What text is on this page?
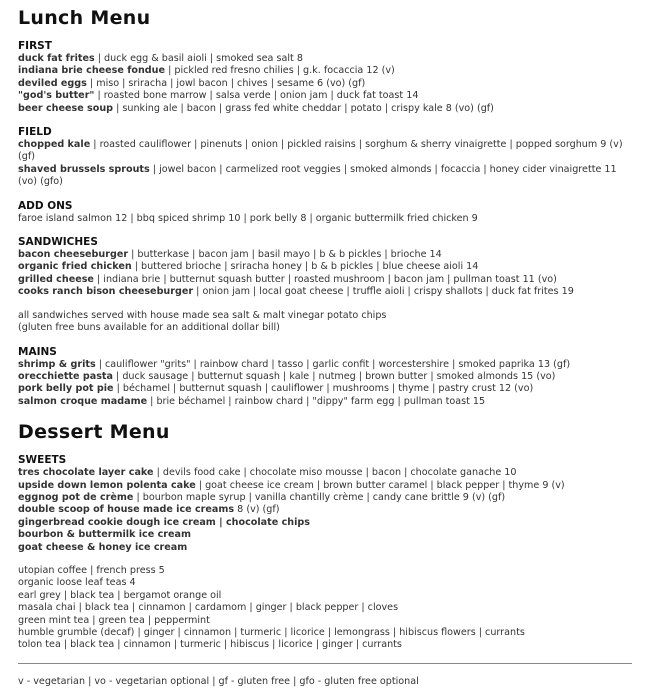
Lunch Menu
FIRST
duck fat frites | duck egg & basil aioli | smoked sea salt 8
indiana brie cheese fondue | pickled red fresno chilies | g.k. focaccia 12 (v)
deviled eggs | miso | sriracha | jowl bacon | chives | sesame 6 (vo) (gf)
"god's butter" | roasted bone marrow | salsa verde | onion jam | duck fat toast 14
beer cheese soup | sunking ale | bacon | grass fed white cheddar | potato | crispy kale 8 (vo) (gf)
FIELD
chopped kale | roasted cauliflower | pinenuts | onion | pickled raisins | sorghum & sherry vinaigrette | popped sorghum 9 (v) (gf)
shaved brussels sprouts | jowel bacon | carmelized root veggies | smoked almonds | focaccia | honey cider vinaigrette 11 (vo) (gfo)
ADD ONS
faroe island salmon 12 | bbq spiced shrimp 10 | pork belly 8 | organic buttermilk fried chicken 9
SANDWICHES
bacon cheeseburger | butterkase | bacon jam | basil mayo | b & b pickles | brioche 14
organic fried chicken | buttered brioche | sriracha honey | b & b pickles | blue cheese aioli 14
grilled cheese | indiana brie | butternut squash butter | roasted mushroom | bacon jam | pullman toast 11 (vo)
cooks ranch bison cheeseburger | onion jam | local goat cheese | truffle aioli | crispy shallots | duck fat frites 19
all sandwiches served with house made sea salt & malt vinegar potato chips
(gluten free buns available for an additional dollar bill)
MAINS
shrimp & grits | cauliflower "grits" | rainbow chard | tasso | garlic confit | worcestershire | smoked paprika 13 (gf)
orecchiette pasta | duck sausage | butternut squash | kale | nutmeg | brown butter | smoked almonds 15 (vo)
pork belly pot pie | béchamel | butternut squash | cauliflower | mushrooms | thyme | pastry crust 12 (vo)
salmon croque madame | brie béchamel | rainbow chard | "dippy" farm egg | pullman toast 15
Dessert Menu
SWEETS
tres chocolate layer cake | devils food cake | chocolate miso mousse | bacon | chocolate ganache 10
upside down lemon polenta cake | goat cheese ice cream | brown butter caramel | black pepper | thyme 9 (v)
eggnog pot de crème | bourbon maple syrup | vanilla chantilly crème | candy cane brittle 9 (v) (gf)
double scoop of house made ice creams 8 (v) (gf)
gingerbread cookie dough ice cream | chocolate chips
bourbon & buttermilk ice cream
goat cheese & honey ice cream
utopian coffee | french press 5
organic loose leaf teas 4
earl grey | black tea | bergamot orange oil
masala chai | black tea | cinnamon | cardamom | ginger | black pepper | cloves
green mint tea | green tea | peppermint
humble grumble (decaf) | ginger | cinnamon | turmeric | licorice | lemongrass | hibiscus flowers | currants
tolon tea | black tea | cinnamon | turmeric | hibiscus | licorice | ginger | currants
v - vegetarian | vo - vegetarian optional | gf - gluten free | gfo - gluten free optional
